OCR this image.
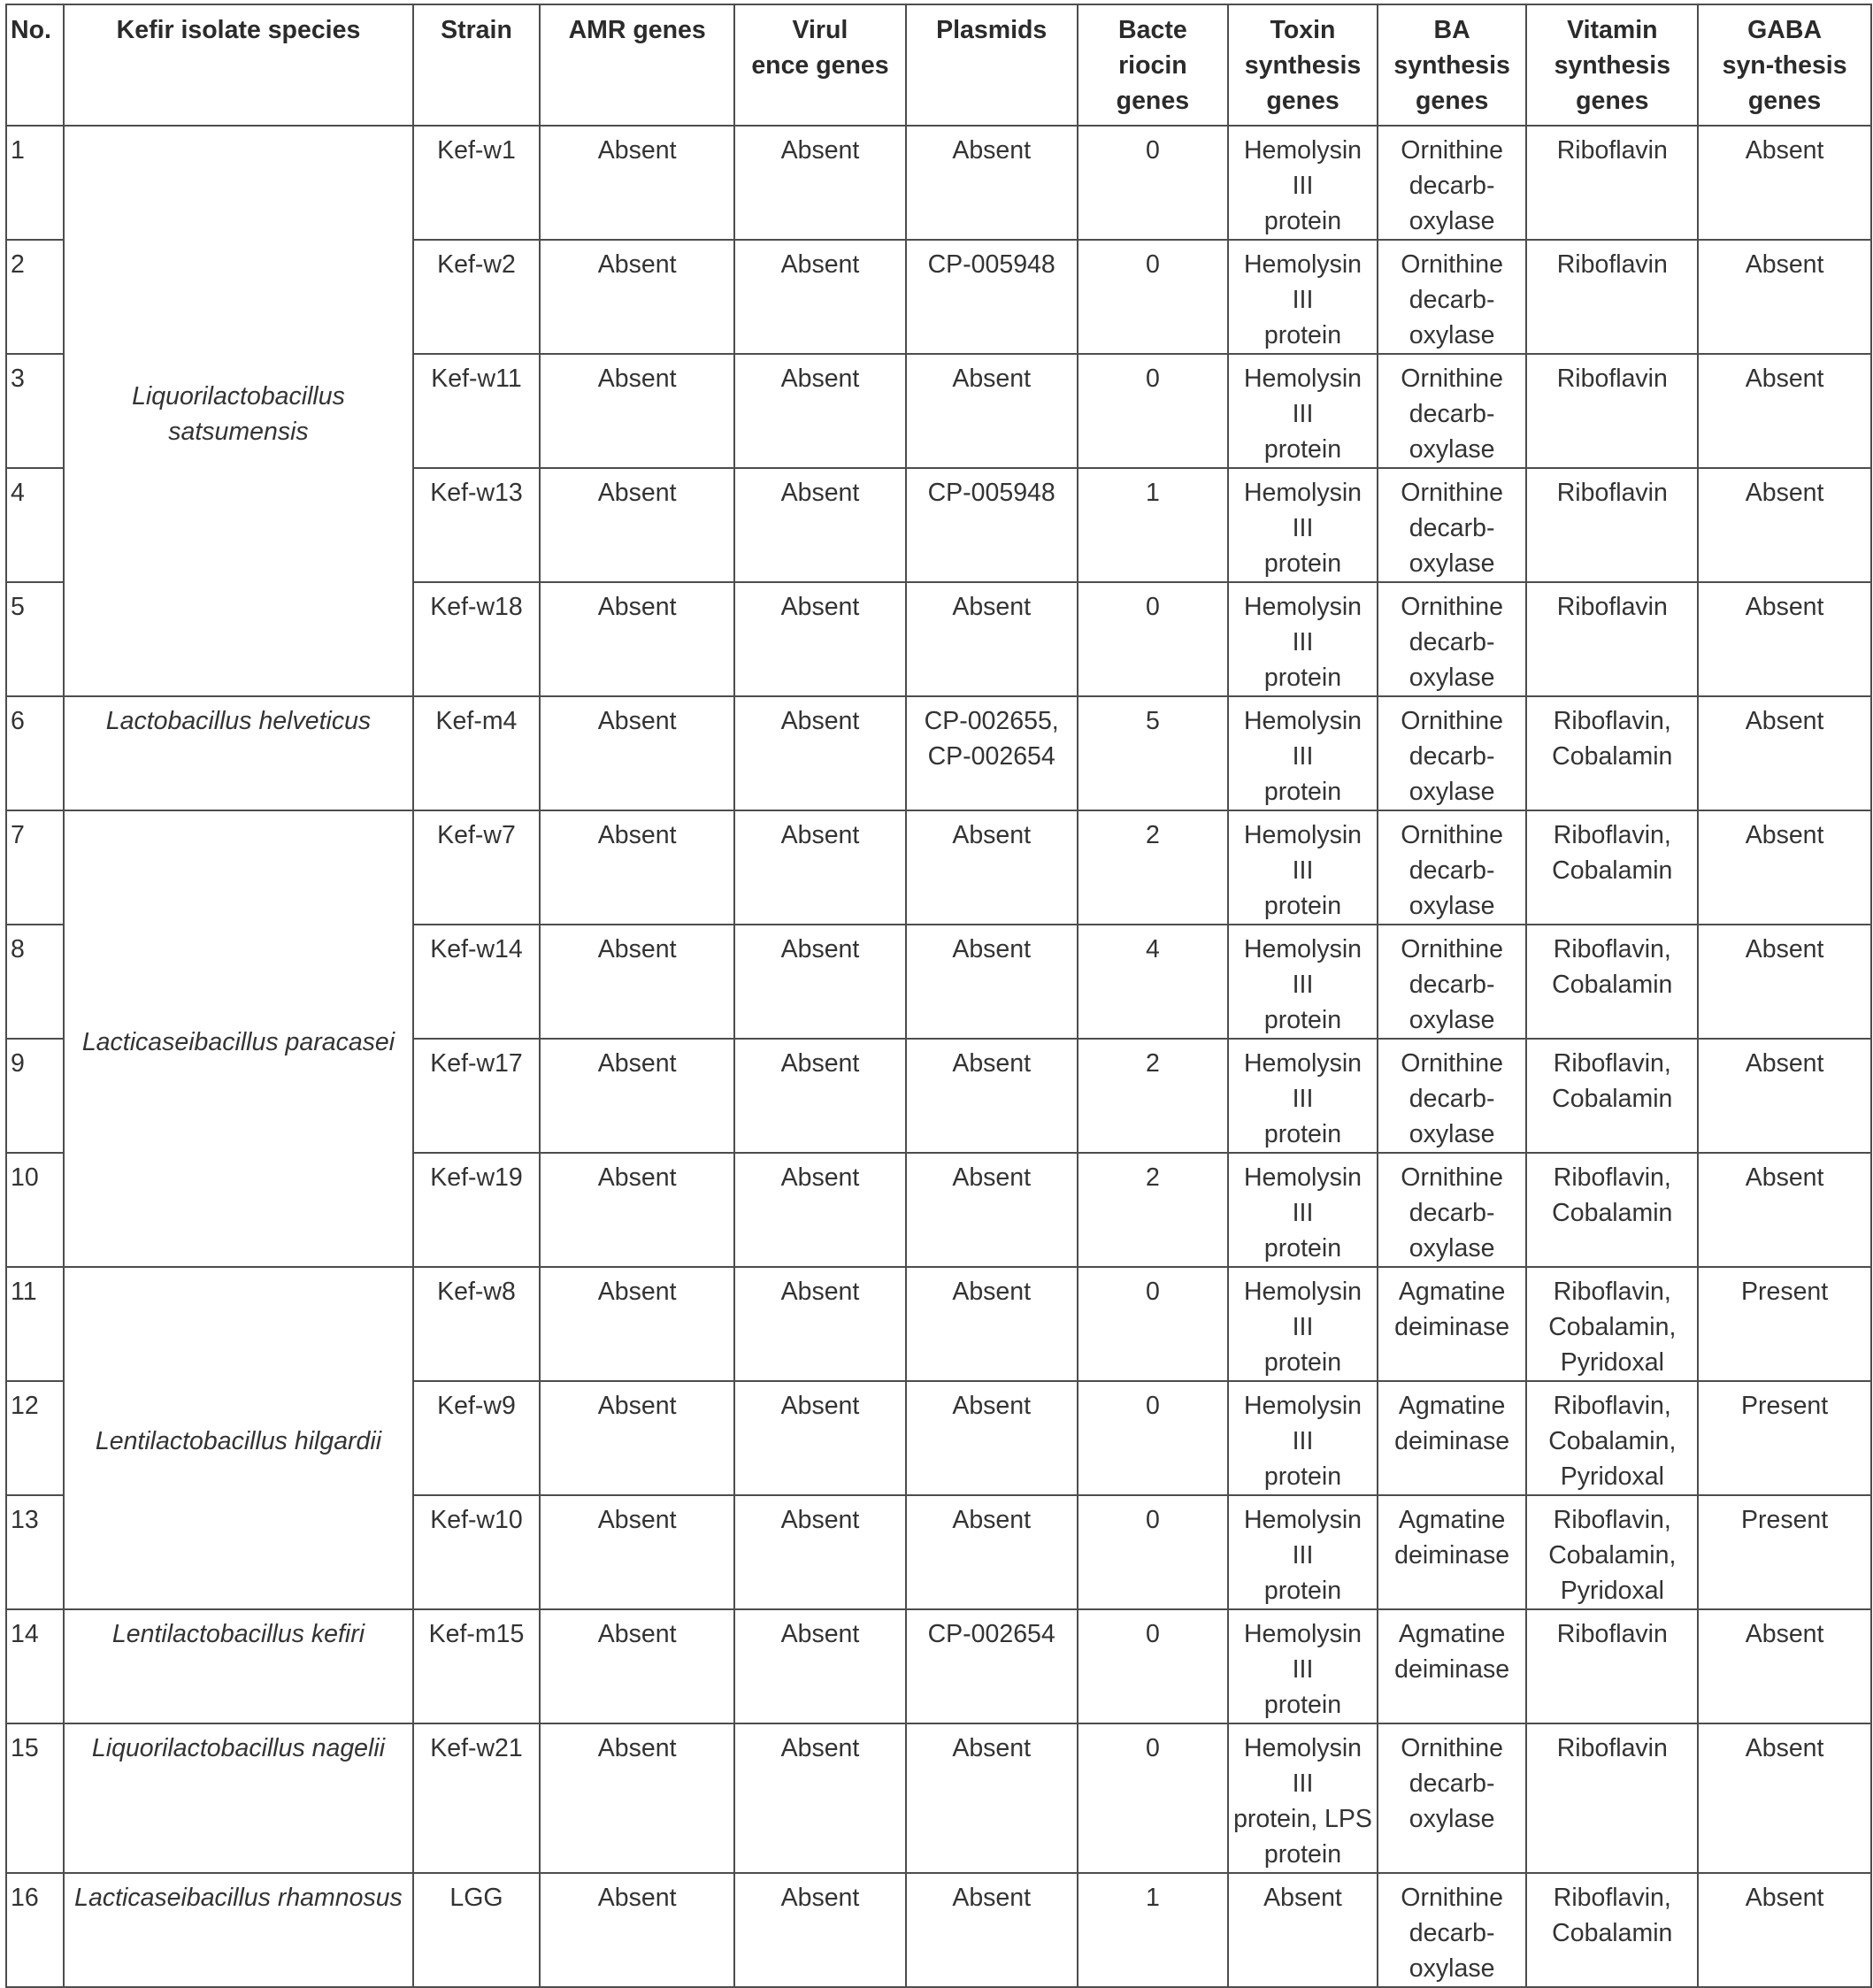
No.	Kefir isolate species	Strain	AMR genes	Virul
ence genes	Plasmids	Bacte
riocin genes	Toxin
synthesis
genes	BA
synthesis
genes	Vitamin
synthesis
genes	GABA
syn-thesis
genes

1	Liquorilactobacillus
satsumensis	Kef-w1	Absent	Absent	Absent	0	Hemolysin III
protein	Ornithine
decarb-
oxylase	Riboflavin	Absent
2		Kef-w2	Absent	Absent	CP-005948	0	Hemolysin III
protein	Ornithine
decarb-
oxylase	Riboflavin	Absent
3		Kef-w11	Absent	Absent	Absent	0	Hemolysin III
protein	Ornithine
decarb-
oxylase	Riboflavin	Absent
4		Kef-w13	Absent	Absent	CP-005948	1	Hemolysin III
protein	Ornithine
decarb-
oxylase	Riboflavin	Absent
5		Kef-w18	Absent	Absent	Absent	0	Hemolysin III
protein	Ornithine
decarb-
oxylase	Riboflavin	Absent
6	Lactobacillus helveticus	Kef-m4	Absent	Absent	CP-002655,
CP-002654	5	Hemolysin III
protein	Ornithine
decarb-
oxylase	Riboflavin,
Cobalamin	Absent
7	Lacticaseibacillus paracasei	Kef-w7	Absent	Absent	Absent	2	Hemolysin III
protein	Ornithine
decarb-
oxylase	Riboflavin,
Cobalamin	Absent
8		Kef-w14	Absent	Absent	Absent	4	Hemolysin III
protein	Ornithine
decarb-
oxylase	Riboflavin,
Cobalamin	Absent
9		Kef-w17	Absent	Absent	Absent	2	Hemolysin III
protein	Ornithine
decarb-
oxylase	Riboflavin,
Cobalamin	Absent
10		Kef-w19	Absent	Absent	Absent	2	Hemolysin III
protein	Ornithine
decarb-
oxylase	Riboflavin,
Cobalamin	Absent
11	Lentilactobacillus hilgardii	Kef-w8	Absent	Absent	Absent	0	Hemolysin III
protein	Agmatine
deiminase	Riboflavin,
Cobalamin,
Pyridoxal	Present
12		Kef-w9	Absent	Absent	Absent	0	Hemolysin III
protein	Agmatine
deiminase	Riboflavin,
Cobalamin,
Pyridoxal	Present
13		Kef-w10	Absent	Absent	Absent	0	Hemolysin III
protein	Agmatine
deiminase	Riboflavin,
Cobalamin,
Pyridoxal	Present
14	Lentilactobacillus kefiri	Kef-m15	Absent	Absent	CP-002654	0	Hemolysin III
protein	Agmatine
deiminase	Riboflavin	Absent
15	Liquorilactobacillus nagelii	Kef-w21	Absent	Absent	Absent	0	Hemolysin III
protein, LPS
protein	Ornithine
decarb-
oxylase	Riboflavin	Absent
16	Lacticaseibacillus rhamnosus	LGG	Absent	Absent	Absent	1	Absent	Ornithine
decarb-
oxylase	Riboflavin,
Cobalamin	Absent
